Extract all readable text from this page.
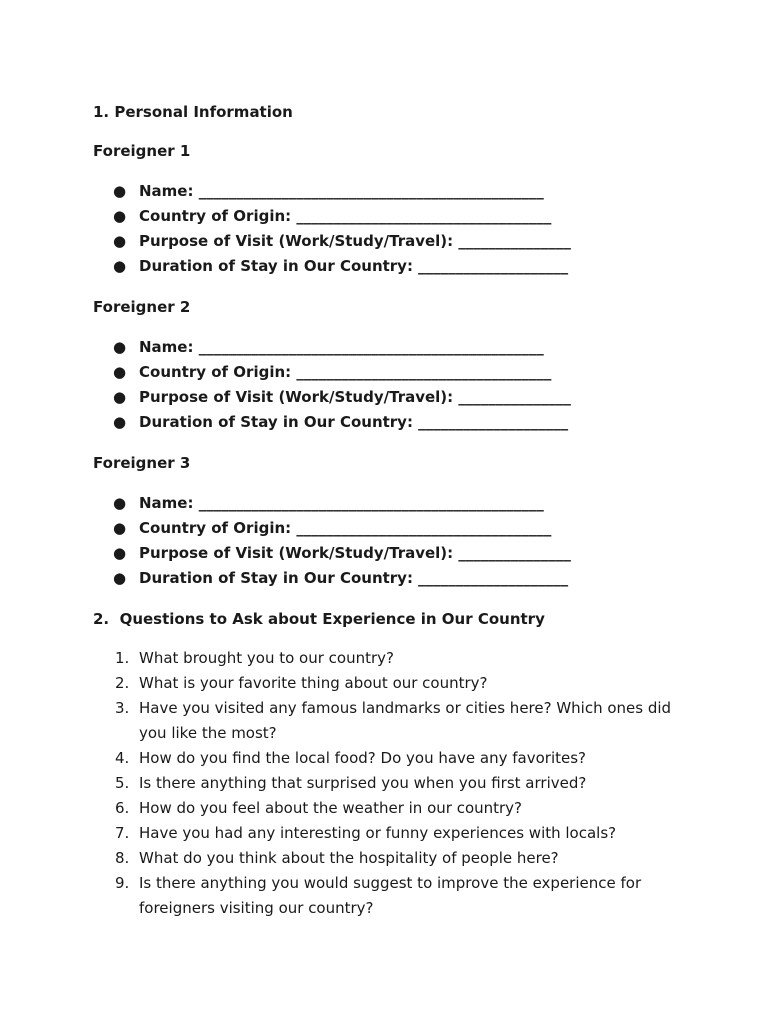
1. Personal Information

Foreigner 1

● Name: ______________________________________________
● Country of Origin: __________________________________
● Purpose of Visit (Work/Study/Travel): _______________
● Duration of Stay in Our Country: ____________________

Foreigner 2

● Name: ______________________________________________
● Country of Origin: __________________________________
● Purpose of Visit (Work/Study/Travel): _______________
● Duration of Stay in Our Country: ____________________

Foreigner 3

● Name: ______________________________________________
● Country of Origin: __________________________________
● Purpose of Visit (Work/Study/Travel): _______________
● Duration of Stay in Our Country: ____________________

2.  Questions to Ask about Experience in Our Country

1. What brought you to our country?
2. What is your favorite thing about our country?
3. Have you visited any famous landmarks or cities here? Which ones did you like the most?
4. How do you find the local food? Do you have any favorites?
5. Is there anything that surprised you when you first arrived?
6. How do you feel about the weather in our country?
7. Have you had any interesting or funny experiences with locals?
8. What do you think about the hospitality of people here?
9. Is there anything you would suggest to improve the experience for foreigners visiting our country?
